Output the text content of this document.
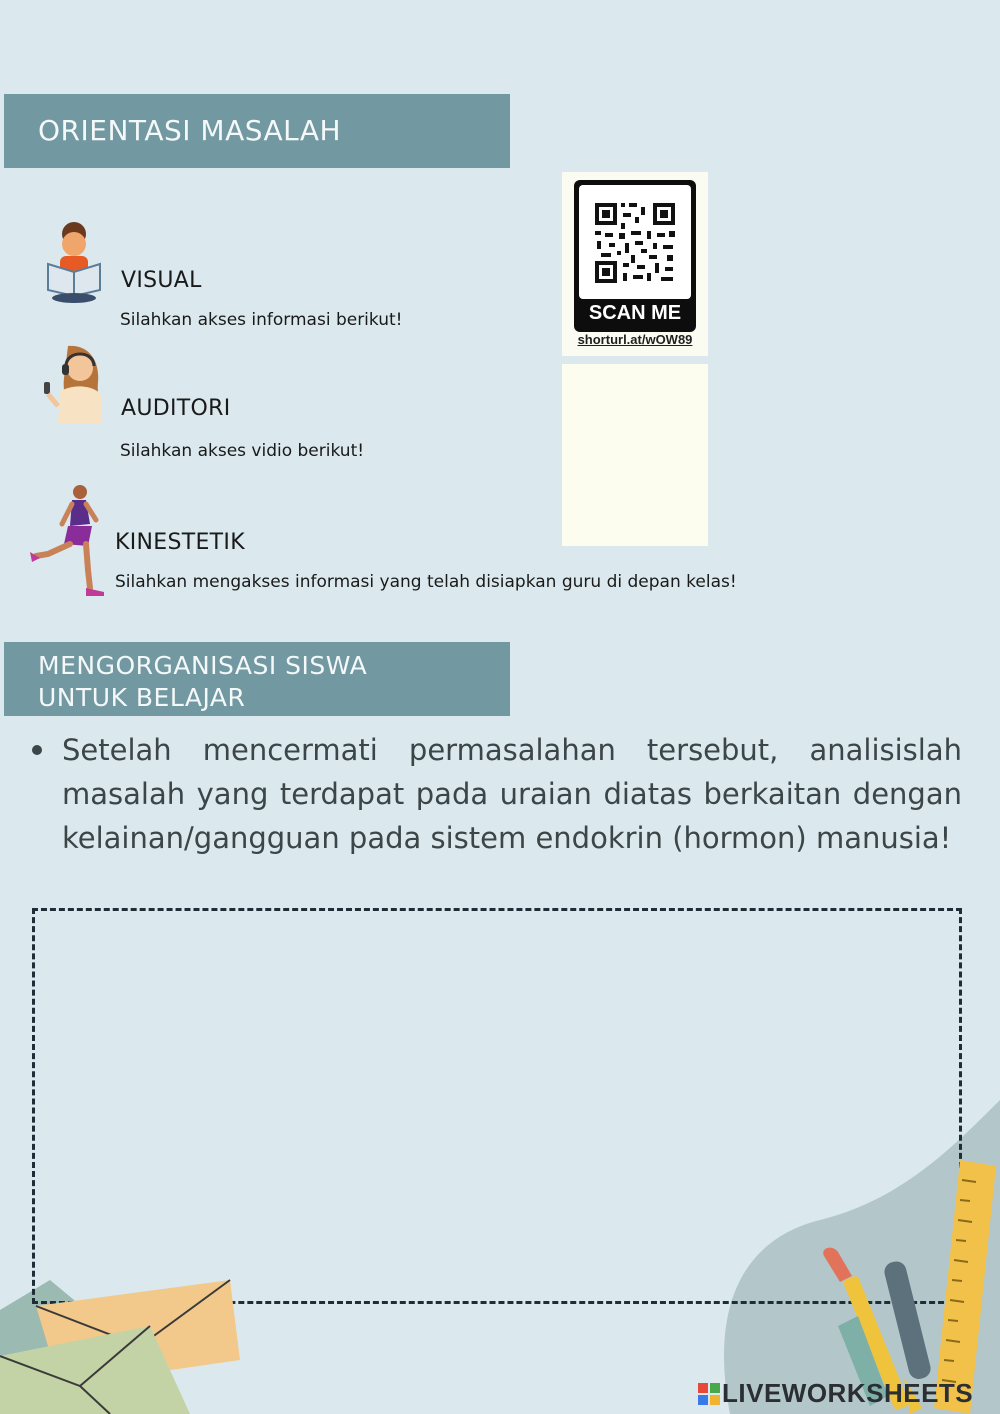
ORIENTASI MASALAH
VISUAL
Silahkan akses informasi berikut!
AUDITORI
Silahkan akses vidio berikut!
KINESTETIK
Silahkan mengakses informasi yang telah disiapkan guru di depan kelas!
SCAN ME
shorturl.at/wOW89
MENGORGANISASI SISWA
UNTUK BELAJAR
Setelah mencermati permasalahan tersebut, analisislah masalah yang terdapat pada uraian diatas berkaitan dengan kelainan/gangguan pada sistem endokrin (hormon) manusia!
LIVEWORKSHEETS
